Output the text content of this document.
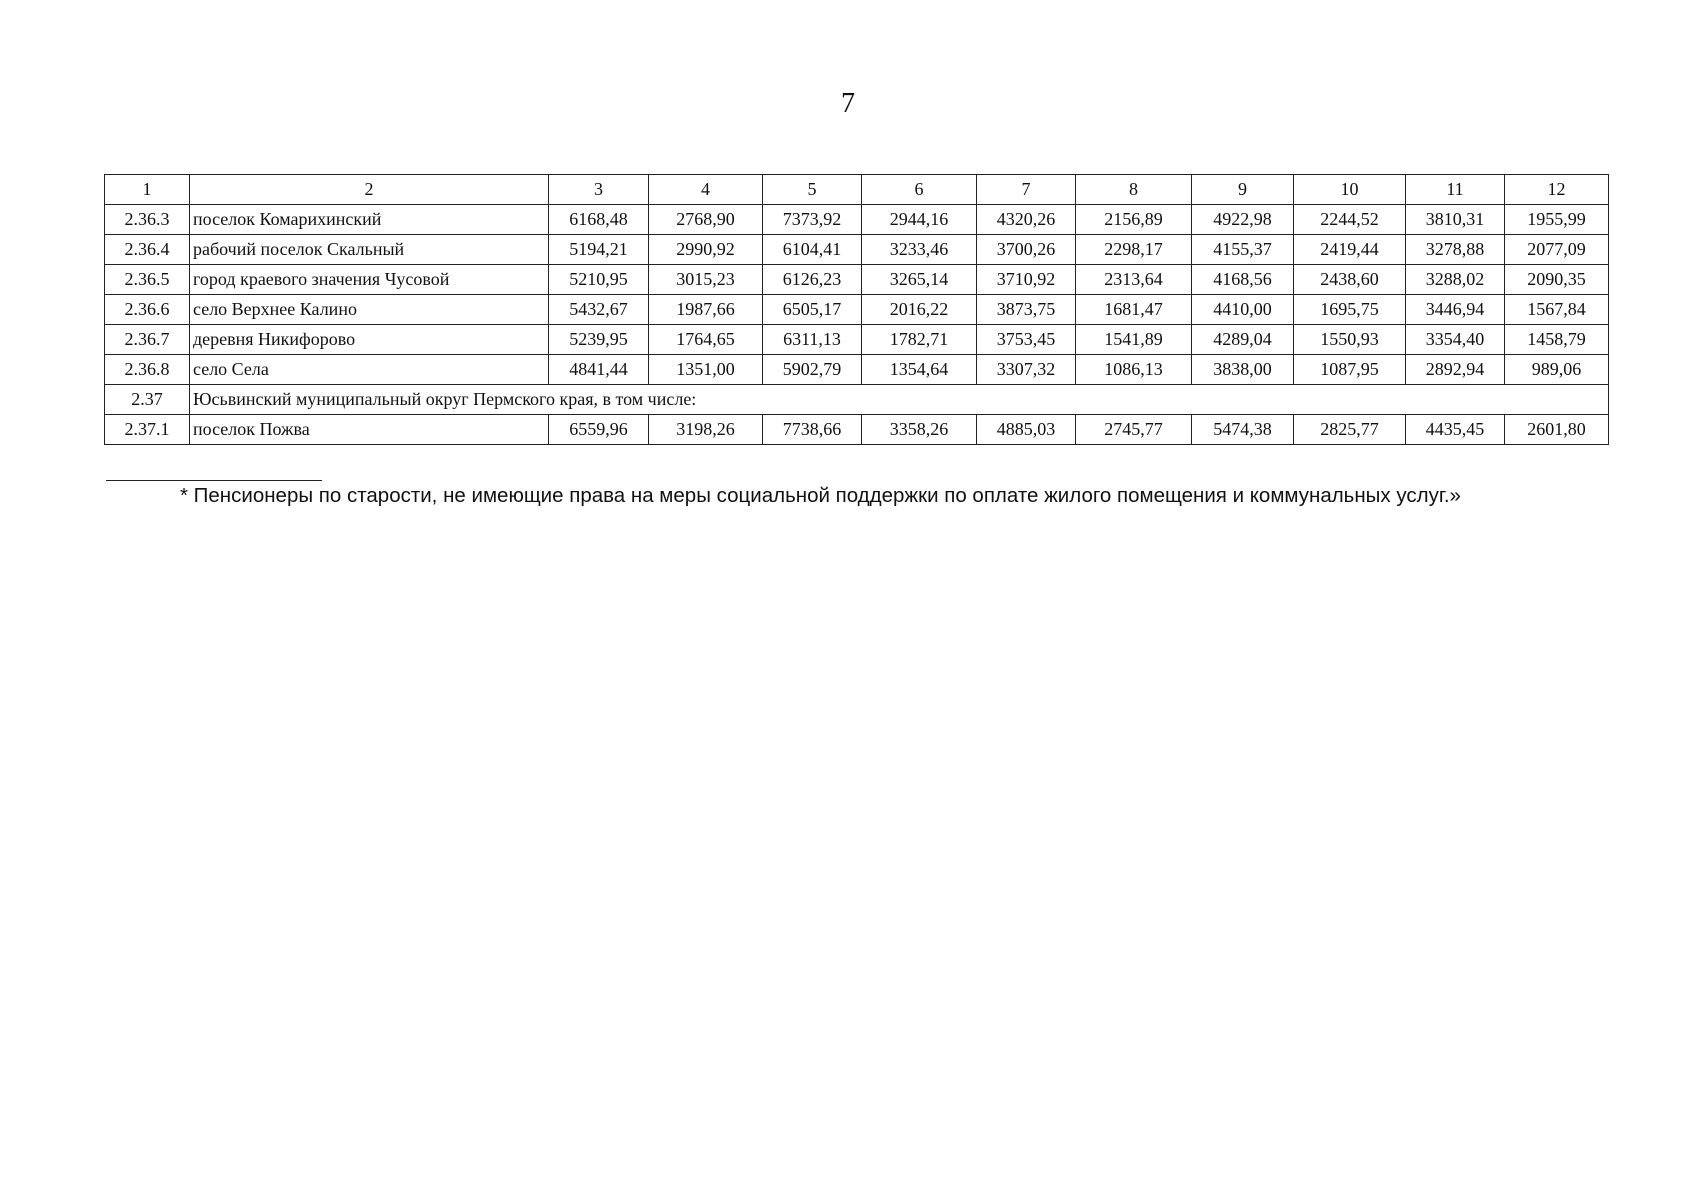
7
1	2	3	4	5	6	7	8	9	10	11	12
2.36.3	поселок Комарихинский	6168,48	2768,90	7373,92	2944,16	4320,26	2156,89	4922,98	2244,52	3810,31	1955,99
2.36.4	рабочий поселок Скальный	5194,21	2990,92	6104,41	3233,46	3700,26	2298,17	4155,37	2419,44	3278,88	2077,09
2.36.5	город краевого значения Чусовой	5210,95	3015,23	6126,23	3265,14	3710,92	2313,64	4168,56	2438,60	3288,02	2090,35
2.36.6	село Верхнее Калино	5432,67	1987,66	6505,17	2016,22	3873,75	1681,47	4410,00	1695,75	3446,94	1567,84
2.36.7	деревня Никифорово	5239,95	1764,65	6311,13	1782,71	3753,45	1541,89	4289,04	1550,93	3354,40	1458,79
2.36.8	село Села	4841,44	1351,00	5902,79	1354,64	3307,32	1086,13	3838,00	1087,95	2892,94	989,06
2.37	Юсьвинский муниципальный округ Пермского края, в том числе:										
2.37.1	поселок Пожва	6559,96	3198,26	7738,66	3358,26	4885,03	2745,77	5474,38	2825,77	4435,45	2601,80
* Пенсионеры по старости, не имеющие права на меры социальной поддержки по оплате жилого помещения и коммунальных услуг.»
